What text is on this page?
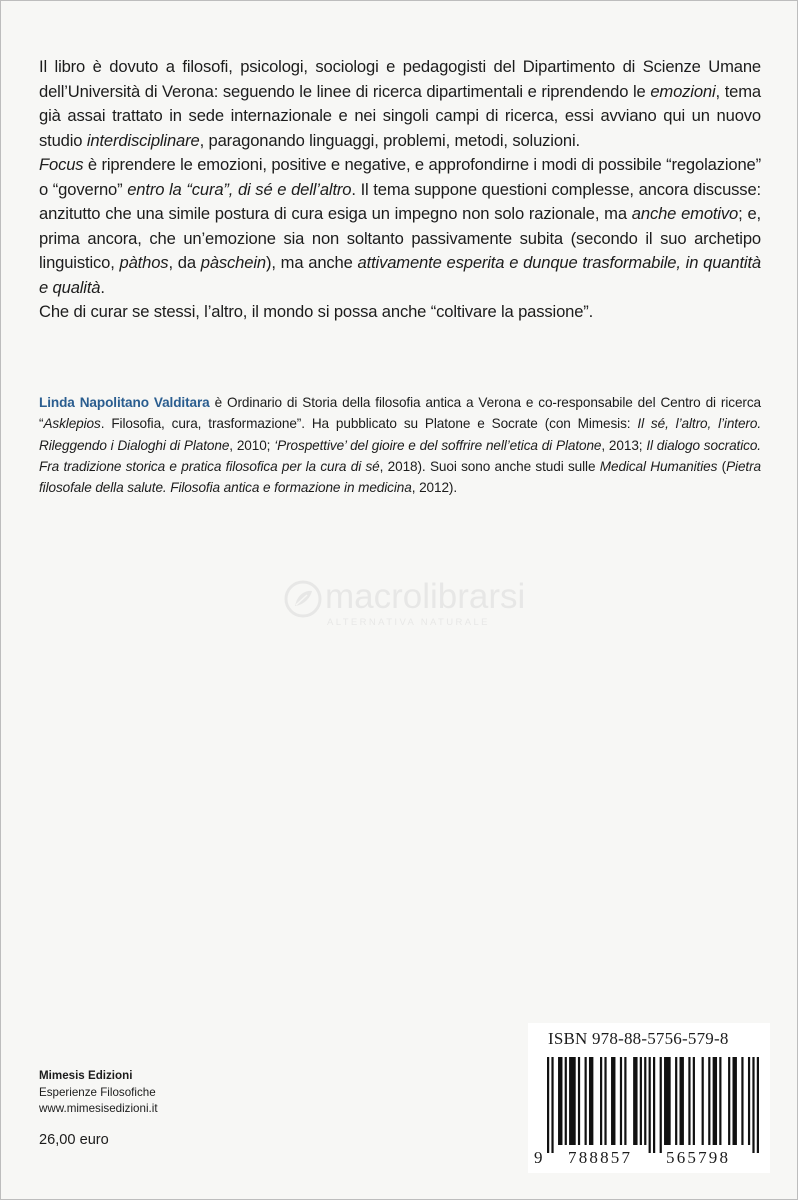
Il libro è dovuto a filosofi, psicologi, sociologi e pedagogisti del Dipartimento di Scienze Umane dell’Università di Verona: seguendo le linee di ricerca dipartimentali e riprendendo le emozioni, tema già assai trattato in sede internazionale e nei singoli campi di ricerca, essi avviano qui un nuovo studio interdisciplinare, paragonando linguaggi, problemi, metodi, soluzioni.

Focus è riprendere le emozioni, positive e negative, e approfondirne i modi di possibile “regolazione” o “governo” entro la “cura”, di sé e dell’altro. Il tema suppone questioni complesse, ancora discusse: anzitutto che una simile postura di cura esiga un impegno non solo razionale, ma anche emotivo; e, prima ancora, che un’emozione sia non soltanto passivamente subita (secondo il suo archetipo linguistico, pàthos, da pàschein), ma anche attivamente esperita e dunque trasformabile, in quantità e qualità.

Che di curar se stessi, l’altro, il mondo si possa anche “coltivare la passione”.

Linda Napolitano Valditara è Ordinario di Storia della filosofia antica a Verona e co-responsabile del Centro di ricerca “Asklepios. Filosofia, cura, trasformazione”. Ha pubblicato su Platone e Socrate (con Mimesis: Il sé, l’altro, l’intero. Rileggendo i Dialoghi di Platone, 2010; ‘Prospettive’ del gioire e del soffrire nell’etica di Platone, 2013; Il dialogo socratico. Fra tradizione storica e pratica filosofica per la cura di sé, 2018). Suoi sono anche studi sulle Medical Humanities (Pietra filosofale della salute. Filosofia antica e formazione in medicina, 2012).

macrolibrarsi
ALTERNATIVA NATURALE
Mimesis Edizioni
Esperienze Filosofiche
www.mimesisedizioni.it
26,00 euro
ISBN 978-88-5756-579-8
9 788857 565798
